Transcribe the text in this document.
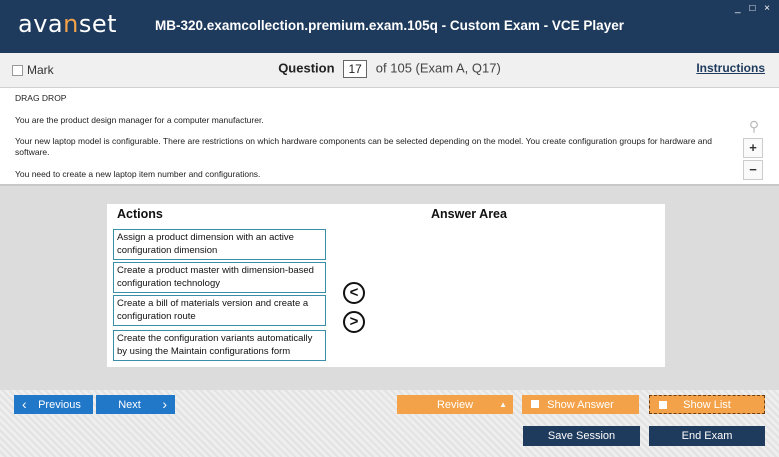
avanset	MB-320.examcollection.premium.exam.105q - Custom Exam - VCE Player
_ □ ×
Mark	Question 17 of 105 (Exam A, Q17)	Instructions

DRAG DROP

You are the product design manager for a computer manufacturer.

Your new laptop model is configurable. There are restrictions on which hardware components can be selected depending on the model. You create configuration groups for hardware and software.

You need to create a new laptop item number and configurations.

⚲
+
−
Actions	Answer Area
Assign a product dimension with an active configuration dimension
Create a product master with dimension-based configuration technology
Create a bill of materials version and create a configuration route
Create the configuration variants automatically by using the Maintain configurations form
<
>
‹	Previous	Next	›	Review	▲	Show Answer	Show List
Save Session	End Exam
